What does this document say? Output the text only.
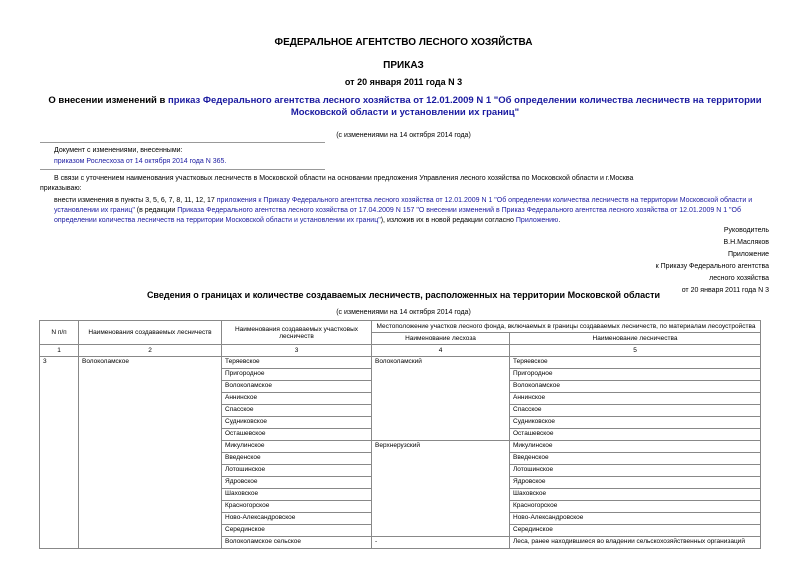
ФЕДЕРАЛЬНОЕ АГЕНТСТВО ЛЕСНОГО ХОЗЯЙСТВА
ПРИКАЗ
от 20 января 2011 года N 3
О внесении изменений в приказ Федерального агентства лесного хозяйства от 12.01.2009 N 1 "Об определении количества лесничеств на территории Московской области и установлении их границ"
(с изменениями на 14 октября 2014 года)
Документ с изменениями, внесенными:
приказом Рослесхоза от 14 октября 2014 года N 365.
В связи с уточнением наименования участковых лесничеств в Московской области на основании предложения Управления лесного хозяйства по Московской области и г.Москва
приказываю:
внести изменения в пункты 3, 5, 6, 7, 8, 11, 12, 17 приложения к Приказу Федерального агентства лесного хозяйства от 12.01.2009 N 1 "Об определении количества лесничеств на территории Московской области и установлении их границ" (в редакции Приказа Федерального агентства лесного хозяйства от 17.04.2009 N 157 "О внесении изменений в Приказ Федерального агентства лесного хозяйства от 12.01.2009 N 1 "Об определении количества лесничеств на территории Московской области и установлении их границ"), изложив их в новой редакции согласно Приложению.
Руководитель
В.Н.Масляков
Приложение
к Приказу Федерального агентства
лесного хозяйства
от 20 января 2011 года N 3
Сведения о границах и количестве создаваемых лесничеств, расположенных на территории Московской области
(с изменениями на 14 октября 2014 года)
N п/п	Наименования создаваемых лесничеств	Наименования создаваемых участковых лесничеств	Местоположение участков лесного фонда, включаемых в границы создаваемых лесничеств, по материалам лесоустройства	
			Наименование лесхоза	Наименование лесничества
1	2	3	4	5
3	Волоколамское	Теряевское	Волоколамский	Теряевское
		Пригородное		Пригородное
		Волоколамское		Волоколамское
		Аннинское		Аннинское
		Спасское		Спасское
		Судниковское		Судниковское
		Осташевское		Осташевское
		Микулинское	Верхнерузский	Микулинское
		Введенское		Введенское
		Лотошинское		Лотошинское
		Ядровское		Ядровское
		Шаховское		Шаховское
		Красногорское		Красногорское
		Ново-Александровское		Ново-Александровское
		Серединское		Серединское
		Волоколамское сельское	-	Леса, ранее находившиеся во владении сельскохозяйственных организаций
